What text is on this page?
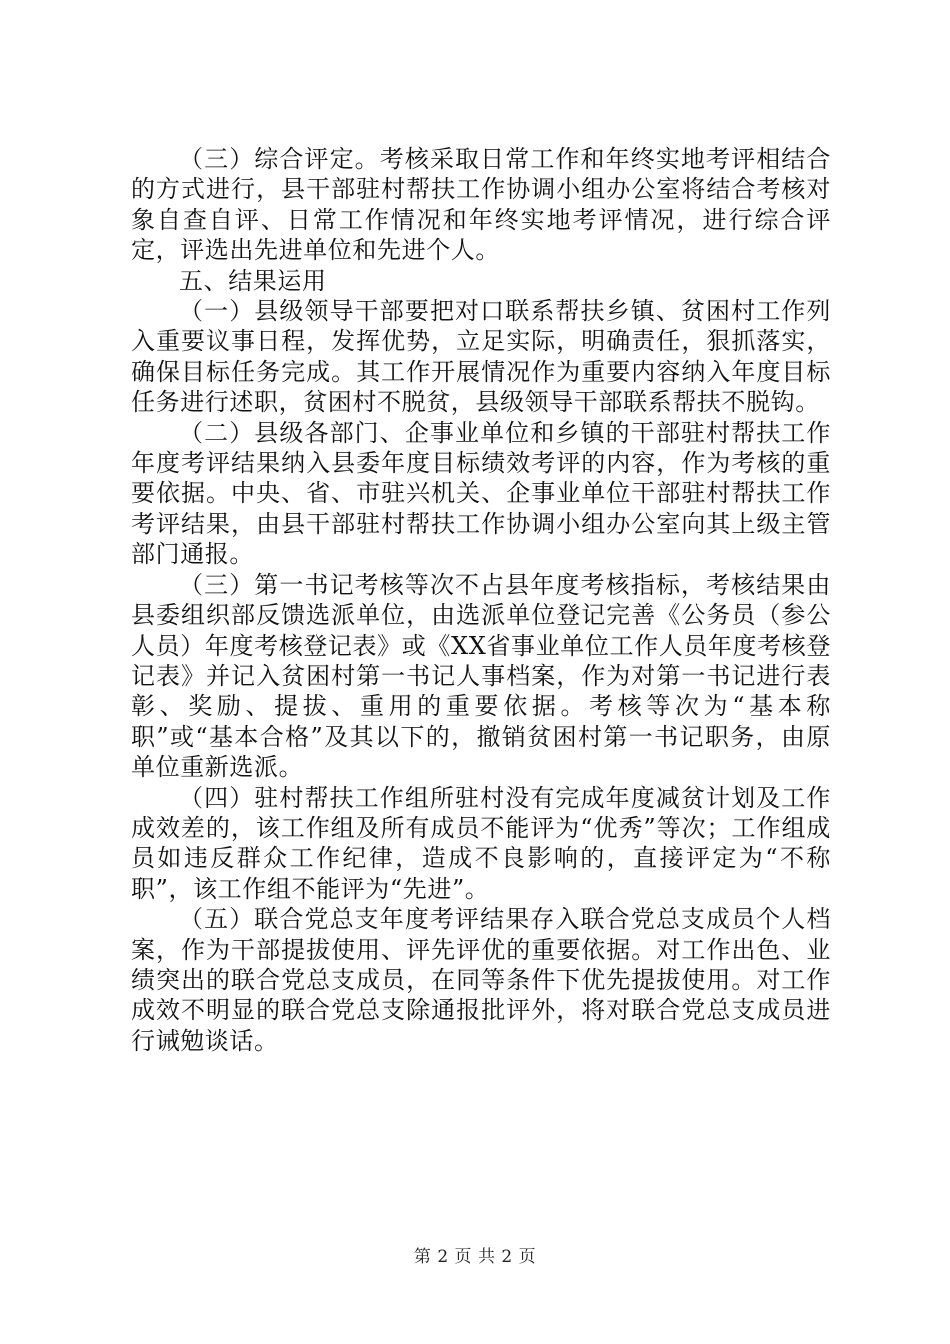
（三）综合评定。考核采取日常工作和年终实地考评相结合的方式进行，县干部驻村帮扶工作协调小组办公室将结合考核对象自查自评、日常工作情况和年终实地考评情况，进行综合评定，评选出先进单位和先进个人。

五、结果运用

（一）县级领导干部要把对口联系帮扶乡镇、贫困村工作列入重要议事日程，发挥优势，立足实际，明确责任，狠抓落实，确保目标任务完成。其工作开展情况作为重要内容纳入年度目标任务进行述职，贫困村不脱贫，县级领导干部联系帮扶不脱钩。

（二）县级各部门、企事业单位和乡镇的干部驻村帮扶工作年度考评结果纳入县委年度目标绩效考评的内容，作为考核的重要依据。中央、省、市驻兴机关、企事业单位干部驻村帮扶工作考评结果，由县干部驻村帮扶工作协调小组办公室向其上级主管部门通报。

（三）第一书记考核等次不占县年度考核指标，考核结果由县委组织部反馈选派单位，由选派单位登记完善《公务员（参公人员）年度考核登记表》或《XX省事业单位工作人员年度考核登记表》并记入贫困村第一书记人事档案，作为对第一书记进行表彰、奖励、提拔、重用的重要依据。考核等次为“基本称职”或“基本合格”及其以下的，撤销贫困村第一书记职务，由原单位重新选派。

（四）驻村帮扶工作组所驻村没有完成年度减贫计划及工作成效差的，该工作组及所有成员不能评为“优秀”等次；工作组成员如违反群众工作纪律，造成不良影响的，直接评定为“不称职”，该工作组不能评为“先进”。

（五）联合党总支年度考评结果存入联合党总支成员个人档案，作为干部提拔使用、评先评优的重要依据。对工作出色、业绩突出的联合党总支成员，在同等条件下优先提拔使用。对工作成效不明显的联合党总支除通报批评外，将对联合党总支成员进行诫勉谈话。

第 2 页 共 2 页
